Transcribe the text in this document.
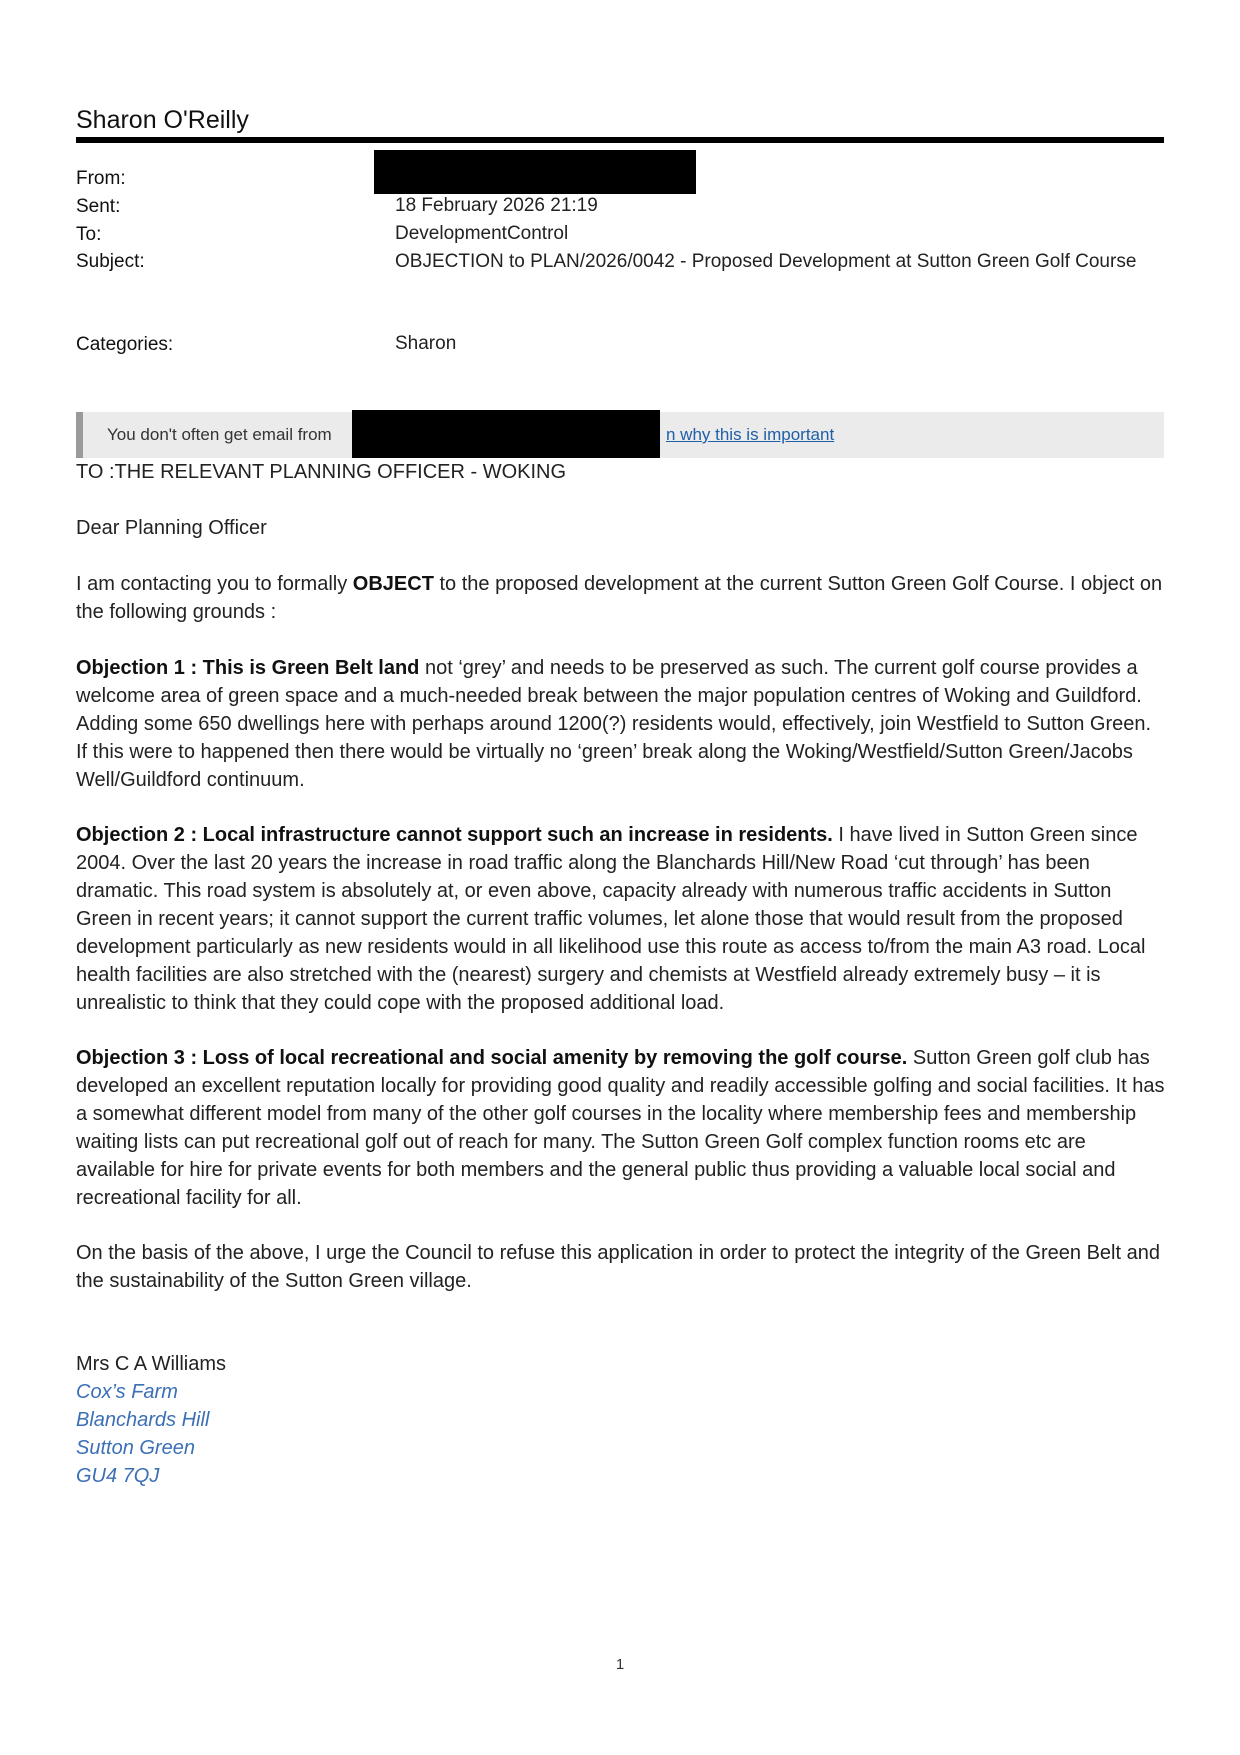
Sharon O'Reilly
From:
Sent:	18 February 2026 21:19
To:	DevelopmentControl
Subject:	OBJECTION to PLAN/2026/0042 - Proposed Development at Sutton Green Golf Course
Categories:	Sharon
You don't often get email from	n why this is important
TO :THE RELEVANT PLANNING OFFICER - WOKING
Dear Planning Officer

I am contacting you to formally OBJECT to the proposed development at the current Sutton Green Golf Course. I object on the following grounds :

Objection 1 : This is Green Belt land not ‘grey’ and needs to be preserved as such. The current golf course provides a welcome area of green space and a much-needed break between the major population centres of Woking and Guildford. Adding some 650 dwellings here with perhaps around 1200(?) residents would, effectively, join Westfield to Sutton Green. If this were to happened then there would be virtually no ‘green’ break along the Woking/Westfield/Sutton Green/Jacobs Well/Guildford continuum.

Objection 2 : Local infrastructure cannot support such an increase in residents. I have lived in Sutton Green since 2004. Over the last 20 years the increase in road traffic along the Blanchards Hill/New Road ‘cut through’ has been dramatic. This road system is absolutely at, or even above, capacity already with numerous traffic accidents in Sutton Green in recent years; it cannot support the current traffic volumes, let alone those that would result from the proposed development particularly as new residents would in all likelihood use this route as access to/from the main A3 road. Local health facilities are also stretched with the (nearest) surgery and chemists at Westfield already extremely busy – it is unrealistic to think that they could cope with the proposed additional load.

Objection 3 : Loss of local recreational and social amenity by removing the golf course. Sutton Green golf club has developed an excellent reputation locally for providing good quality and readily accessible golfing and social facilities. It has a somewhat different model from many of the other golf courses in the locality where membership fees and membership waiting lists can put recreational golf out of reach for many. The Sutton Green Golf complex function rooms etc are available for hire for private events for both members and the general public thus providing a valuable local social and recreational facility for all.

On the basis of the above, I urge the Council to refuse this application in order to protect the integrity of the Green Belt and the sustainability of the Sutton Green village.

Mrs C A Williams

Cox’s Farm

Blanchards Hill

Sutton Green

GU4 7QJ

1
